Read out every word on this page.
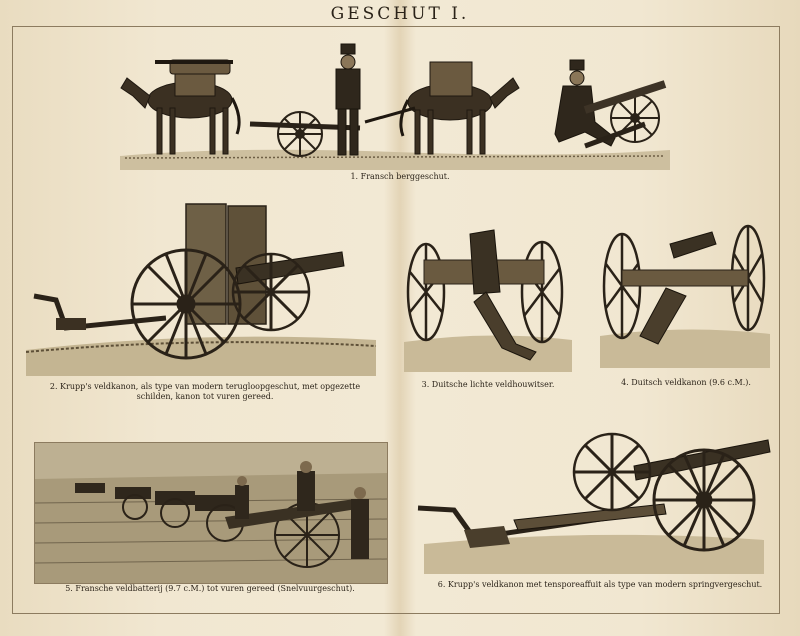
GESCHUT I.
1. Fransch berggeschut.
2. Krupp's veldkanon, als type van modern terugloopgeschut, met opgezette schilden, kanon tot vuren gereed.
3. Duitsche lichte veldhouwitser.	4. Duitsch veldkanon (9.6 c.M.).
5. Fransche veldbatterij (9.7 c.M.) tot vuren gereed (Snelvuurgeschut).	6. Krupp's veldkanon met tensporeaffuit als type van modern springvergeschut.
